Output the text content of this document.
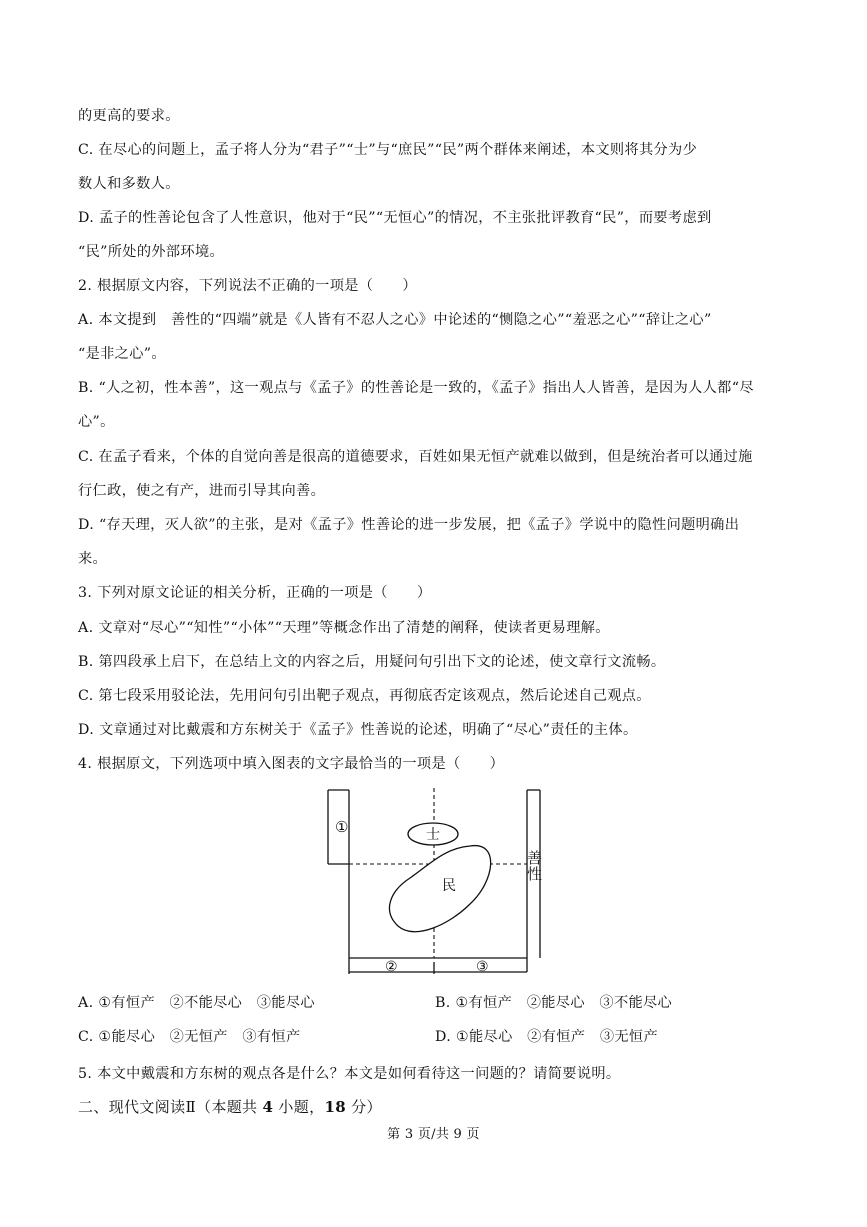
的更高的要求。
C. 在尽心的问题上，孟子将人分为“君子”“士”与“庶民”“民”两个群体来阐述，本文则将其分为少
数人和多数人。
D. 孟子的性善论包含了人性意识，他对于“民”“无恒心”的情况，不主张批评教育“民”，而要考虑到
“民”所处的外部环境。
2. 根据原文内容，下列说法不正确的一项是（　　）
A. 本文提到　善性的“四端”就是《人皆有不忍人之心》中论述的“恻隐之心”“羞恶之心”“辞让之心”
“是非之心”。
B. “人之初，性本善”，这一观点与《孟子》的性善论是一致的，《孟子》指出人人皆善，是因为人人都“尽
心”。
C. 在孟子看来，个体的自觉向善是很高的道德要求，百姓如果无恒产就难以做到，但是统治者可以通过施
行仁政，使之有产，进而引导其向善。
D. “存天理，灭人欲”的主张，是对《孟子》性善论的进一步发展，把《孟子》学说中的隐性问题明确出
来。
3. 下列对原文论证的相关分析，正确的一项是（　　）
A. 文章对“尽心”“知性”“小体”“天理”等概念作出了清楚的阐释，使读者更易理解。
B. 第四段承上启下，在总结上文的内容之后，用疑问句引出下文的论述，使文章行文流畅。
C. 第七段采用驳论法，先用问句引出靶子观点，再彻底否定该观点，然后论述自己观点。
D. 文章通过对比戴震和方东树关于《孟子》性善说的论述，明确了“尽心”责任的主体。
4. 根据原文，下列选项中填入图表的文字最恰当的一项是（　　）
①	士
民
善
性
②	③
A. ①有恒产　②不能尽心　③能尽心	B. ①有恒产　②能尽心　③不能尽心
C. ①能尽心　②无恒产　③有恒产	D. ①能尽心　②有恒产　③无恒产
5. 本文中戴震和方东树的观点各是什么？本文是如何看待这一问题的？请简要说明。
二、现代文阅读Ⅱ（本题共 4 小题，18 分）
第 3 页/共 9 页
